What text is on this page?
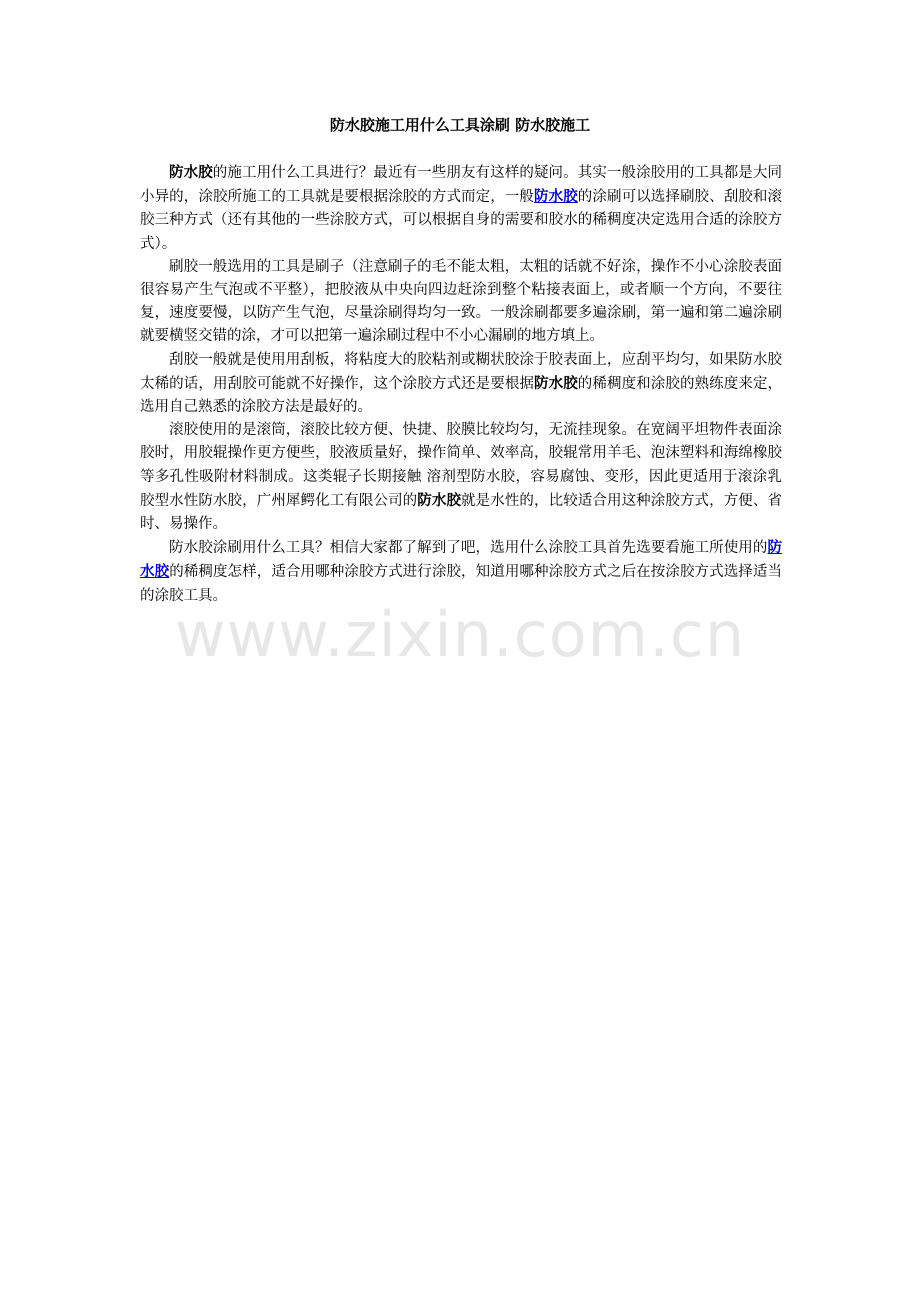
防水胶施工用什么工具涂刷 防水胶施工

防水胶的施工用什么工具进行？最近有一些朋友有这样的疑问。其实一般涂胶用的工具都是大同小异的，涂胶所施工的工具就是要根据涂胶的方式而定，一般防水胶的涂刷可以选择刷胶、刮胶和滚胶三种方式（还有其他的一些涂胶方式，可以根据自身的需要和胶水的稀稠度决定选用合适的涂胶方式）。

刷胶一般选用的工具是刷子（注意刷子的毛不能太粗，太粗的话就不好涂，操作不小心涂胶表面很容易产生气泡或不平整），把胶液从中央向四边赶涂到整个粘接表面上，或者顺一个方向，不要往复，速度要慢，以防产生气泡，尽量涂刷得均匀一致。一般涂刷都要多遍涂刷，第一遍和第二遍涂刷就要横竖交错的涂，才可以把第一遍涂刷过程中不小心漏刷的地方填上。

刮胶一般就是使用用刮板，将粘度大的胶粘剂或糊状胶涂于胶表面上，应刮平均匀，如果防水胶太稀的话，用刮胶可能就不好操作，这个涂胶方式还是要根据防水胶的稀稠度和涂胶的熟练度来定，选用自己熟悉的涂胶方法是最好的。

滚胶使用的是滚筒，滚胶比较方便、快捷、胶膜比较均匀，无流挂现象。在宽阔平坦物件表面涂胶时，用胶辊操作更方便些，胶液质量好，操作简单、效率高，胶辊常用羊毛、泡沫塑料和海绵橡胶等多孔性吸附材料制成。这类辊子长期接触 溶剂型防水胶，容易腐蚀、变形，因此更适用于滚涂乳胶型水性防水胶，广州犀鳄化工有限公司的防水胶就是水性的，比较适合用这种涂胶方式，方便、省时、易操作。

防水胶涂刷用什么工具？相信大家都了解到了吧，选用什么涂胶工具首先选要看施工所使用的防水胶的稀稠度怎样，适合用哪种涂胶方式进行涂胶，知道用哪种涂胶方式之后在按涂胶方式选择适当的涂胶工具。

www.zixin.com.cn
